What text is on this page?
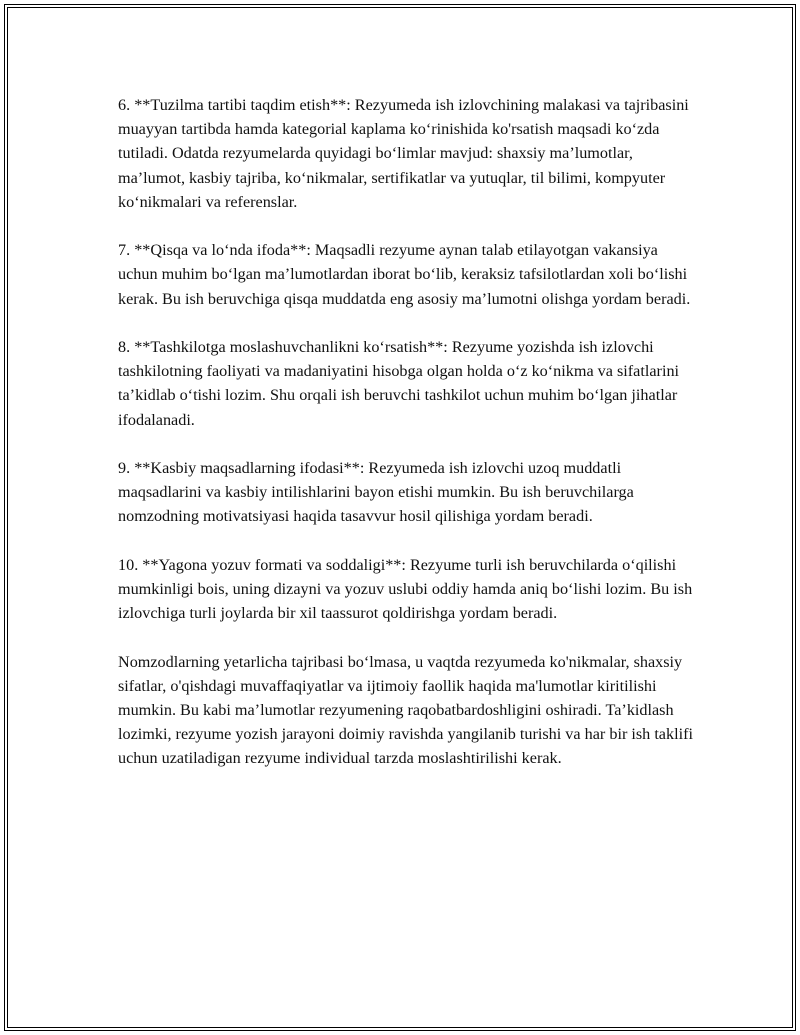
6. **Tuzilma tartibi taqdim etish**: Rezyumeda ish izlovchining malakasi va tajribasini muayyan tartibda hamda kategorial kaplama ko‘rinishida ko'rsatish maqsadi ko‘zda tutiladi. Odatda rezyumelarda quyidagi bo‘limlar mavjud: shaxsiy ma’lumotlar, ma’lumot, kasbiy tajriba, ko‘nikmalar, sertifikatlar va yutuqlar, til bilimi, kompyuter ko‘nikmalari va referenslar.

7. **Qisqa va lo‘nda ifoda**: Maqsadli rezyume aynan talab etilayotgan vakansiya uchun muhim bo‘lgan ma’lumotlardan iborat bo‘lib, keraksiz tafsilotlardan xoli bo‘lishi kerak. Bu ish beruvchiga qisqa muddatda eng asosiy ma’lumotni olishga yordam beradi.

8. **Tashkilotga moslashuvchanlikni ko‘rsatish**: Rezyume yozishda ish izlovchi tashkilotning faoliyati va madaniyatini hisobga olgan holda o‘z ko‘nikma va sifatlarini ta’kidlab o‘tishi lozim. Shu orqali ish beruvchi tashkilot uchun muhim bo‘lgan jihatlar ifodalanadi.

9. **Kasbiy maqsadlarning ifodasi**: Rezyumeda ish izlovchi uzoq muddatli maqsadlarini va kasbiy intilishlarini bayon etishi mumkin. Bu ish beruvchilarga nomzodning motivatsiyasi haqida tasavvur hosil qilishiga yordam beradi.

10. **Yagona yozuv formati va soddaligi**: Rezyume turli ish beruvchilarda o‘qilishi mumkinligi bois, uning dizayni va yozuv uslubi oddiy hamda aniq bo‘lishi lozim. Bu ish izlovchiga turli joylarda bir xil taassurot qoldirishga yordam beradi.

Nomzodlarning yetarlicha tajribasi bo‘lmasa, u vaqtda rezyumeda ko'nikmalar, shaxsiy sifatlar, o'qishdagi muvaffaqiyatlar va ijtimoiy faollik haqida ma'lumotlar kiritilishi mumkin. Bu kabi ma’lumotlar rezyumening raqobatbardoshligini oshiradi. Ta’kidlash lozimki, rezyume yozish jarayoni doimiy ravishda yangilanib turishi va har bir ish taklifi uchun uzatiladigan rezyume individual tarzda moslashtirilishi kerak.
